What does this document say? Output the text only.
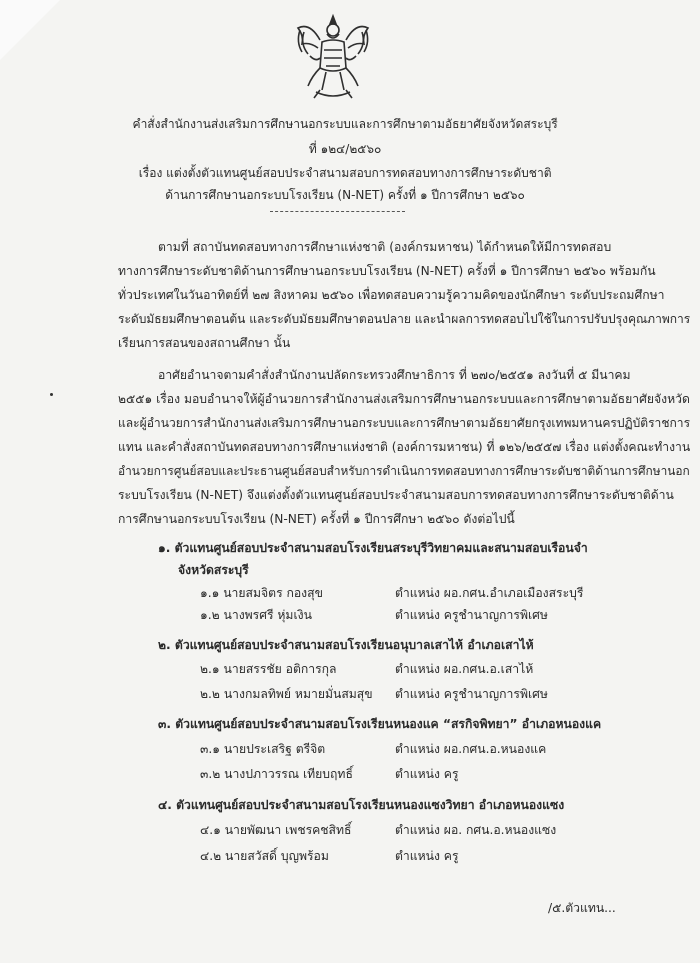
คำสั่งสำนักงานส่งเสริมการศึกษานอกระบบและการศึกษาตามอัธยาศัยจังหวัดสระบุรี
ที่ ๑๒๔/๒๕๖๐
เรื่อง แต่งตั้งตัวแทนศูนย์สอบประจำสนามสอบการทดสอบทางการศึกษาระดับชาติ
ด้านการศึกษานอกระบบโรงเรียน (N-NET) ครั้งที่ ๑ ปีการศึกษา ๒๕๖๐
ตามที่ สถาบันทดสอบทางการศึกษาแห่งชาติ (องค์กรมหาชน) ได้กำหนดให้มีการทดสอบ
ทางการศึกษาระดับชาติด้านการศึกษานอกระบบโรงเรียน (N-NET) ครั้งที่ ๑ ปีการศึกษา ๒๕๖๐ พร้อมกัน
ทั่วประเทศในวันอาทิตย์ที่ ๒๗ สิงหาคม ๒๕๖๐ เพื่อทดสอบความรู้ความคิดของนักศึกษา ระดับประถมศึกษา
ระดับมัธยมศึกษาตอนต้น และระดับมัธยมศึกษาตอนปลาย และนำผลการทดสอบไปใช้ในการปรับปรุงคุณภาพการ
เรียนการสอนของสถานศึกษา นั้น
อาศัยอำนาจตามคำสั่งสำนักงานปลัดกระทรวงศึกษาธิการ ที่ ๒๗๐/๒๕๕๑ ลงวันที่ ๕ มีนาคม
๒๕๕๑ เรื่อง มอบอำนาจให้ผู้อำนวยการสำนักงานส่งเสริมการศึกษานอกระบบและการศึกษาตามอัธยาศัยจังหวัด
และผู้อำนวยการสำนักงานส่งเสริมการศึกษานอกระบบและการศึกษาตามอัธยาศัยกรุงเทพมหานครปฏิบัติราชการ
แทน และคำสั่งสถาบันทดสอบทางการศึกษาแห่งชาติ (องค์การมหาชน) ที่ ๑๒๖/๒๕๕๗ เรื่อง แต่งตั้งคณะทำงาน
อำนวยการศูนย์สอบและประธานศูนย์สอบสำหรับการดำเนินการทดสอบทางการศึกษาระดับชาติด้านการศึกษานอก
ระบบโรงเรียน (N-NET) จึงแต่งตั้งตัวแทนศูนย์สอบประจำสนามสอบการทดสอบทางการศึกษาระดับชาติด้าน
การศึกษานอกระบบโรงเรียน (N-NET) ครั้งที่ ๑ ปีการศึกษา ๒๕๖๐ ดังต่อไปนี้
๑. ตัวแทนศูนย์สอบประจำสนามสอบโรงเรียนสระบุรีวิทยาคมและสนามสอบเรือนจำ
จังหวัดสระบุรี
๑.๑ นายสมจิตร กองสุข	ตำแหน่ง ผอ.กศน.อำเภอเมืองสระบุรี
๑.๒ นางพรศรี หุ่มเงิน	ตำแหน่ง ครูชำนาญการพิเศษ
๒. ตัวแทนศูนย์สอบประจำสนามสอบโรงเรียนอนุบาลเสาไห้ อำเภอเสาไห้
๒.๑ นายสรรชัย อติการกุล	ตำแหน่ง ผอ.กศน.อ.เสาไห้
๒.๒ นางกมลทิพย์ หมายมั่นสมสุข ตำแหน่ง ครูชำนาญการพิเศษ
๓. ตัวแทนศูนย์สอบประจำสนามสอบโรงเรียนหนองแค “สรกิจพิทยา” อำเภอหนองแค
๓.๑ นายประเสริฐ ตรีจิต	ตำแหน่ง ผอ.กศน.อ.หนองแค
๓.๒ นางปภาวรรณ เทียบฤทธิ์	ตำแหน่ง ครู
๔. ตัวแทนศูนย์สอบประจำสนามสอบโรงเรียนหนองแซงวิทยา อำเภอหนองแซง
๔.๑ นายพัฒนา เพชรคชสิทธิ์	ตำแหน่ง ผอ. กศน.อ.หนองแซง
๔.๒ นายสวัสดิ์ บุญพร้อม	ตำแหน่ง ครู
/๕.ตัวแทน...
